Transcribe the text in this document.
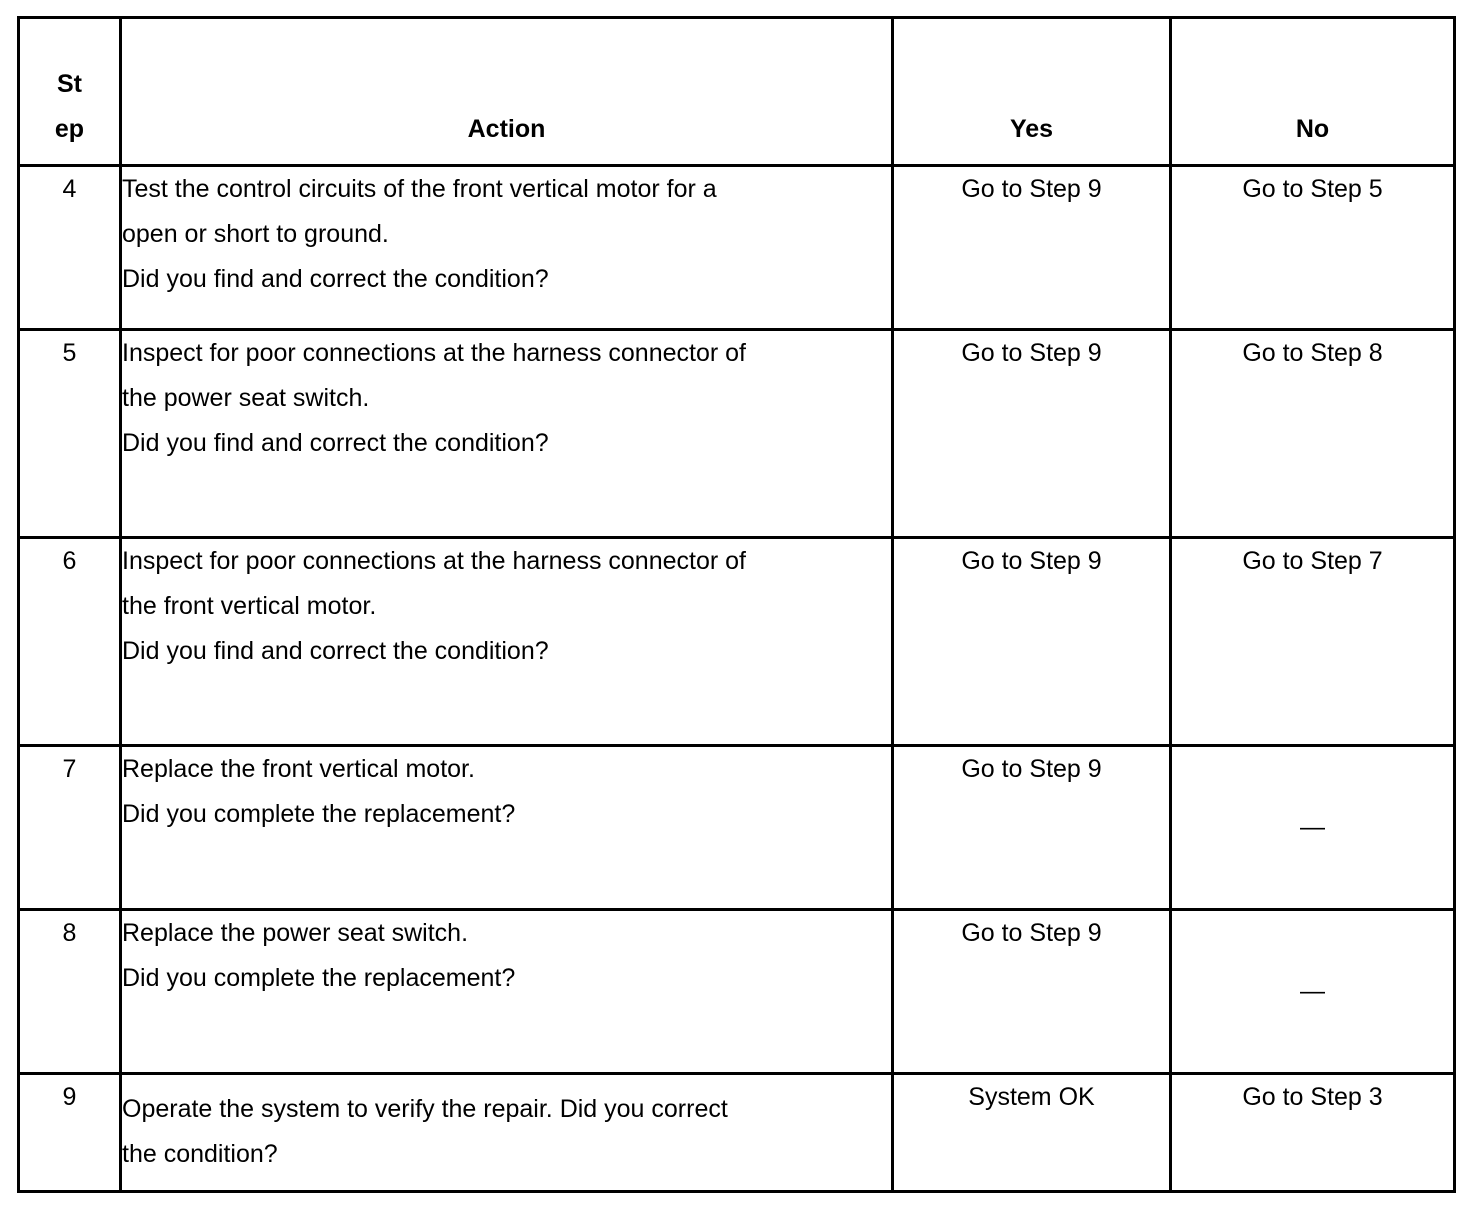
St
ep	Action	Yes	No
4	Test the control circuits of the front vertical motor for a
open or short to ground.
Did you find and correct the condition?	Go to Step 9	Go to Step 5
5	Inspect for poor connections at the harness connector of
the power seat switch.
Did you find and correct the condition?	Go to Step 9	Go to Step 8
6	Inspect for poor connections at the harness connector of
the front vertical motor.
Did you find and correct the condition?	Go to Step 9	Go to Step 7
7	Replace the front vertical motor.
Did you complete the replacement?	Go to Step 9	—
8	Replace the power seat switch.
Did you complete the replacement?	Go to Step 9	—
9	Operate the system to verify the repair. Did you correct
the condition?	System OK	Go to Step 3
